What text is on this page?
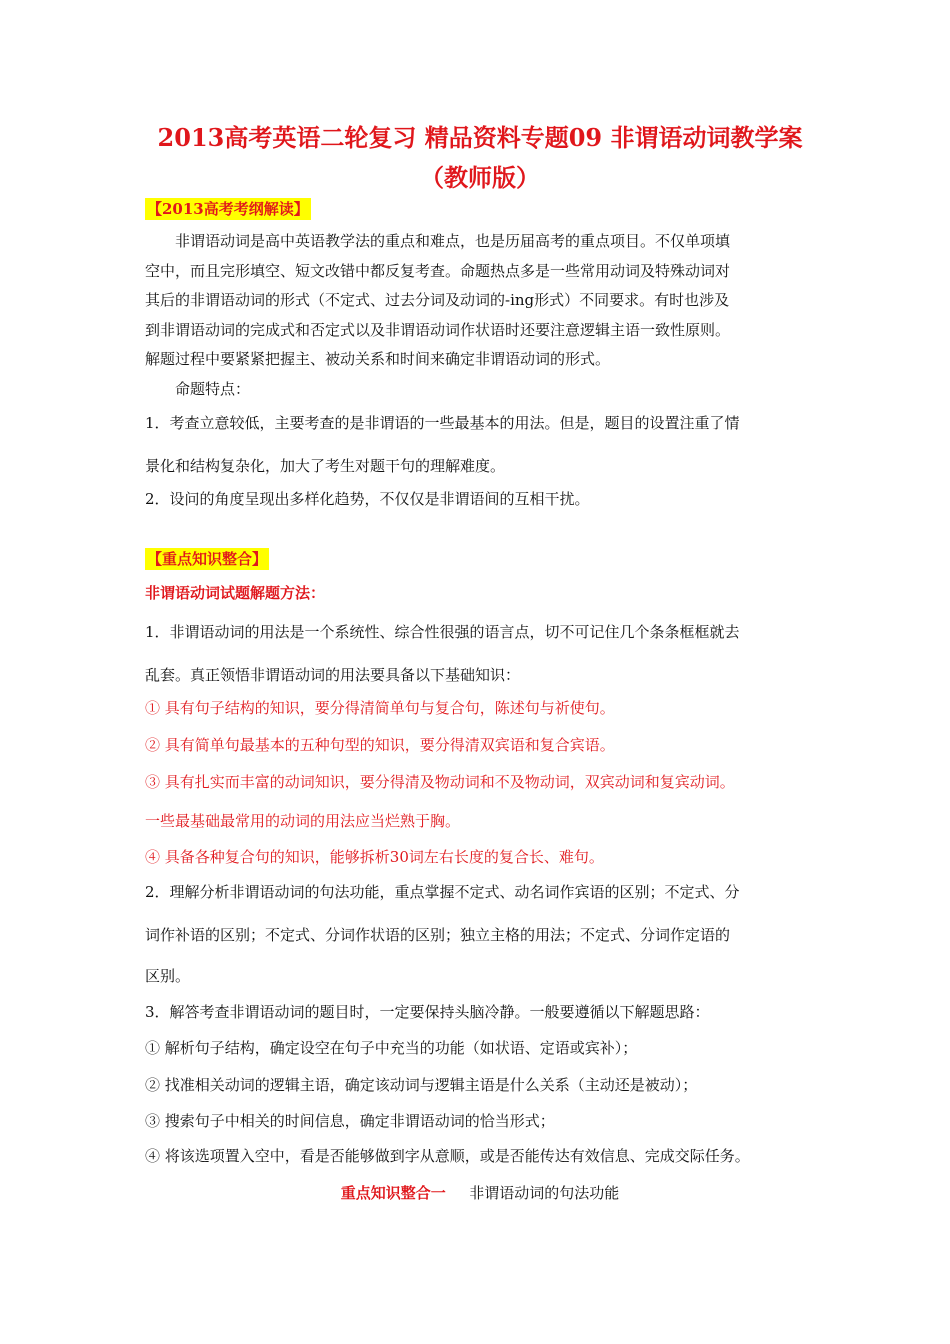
2013高考英语二轮复习 精品资料专题09 非谓语动词教学案（教师版）

【2013高考考纲解读】

非谓语动词是高中英语教学法的重点和难点，也是历届高考的重点项目。不仅单项填

空中，而且完形填空、短文改错中都反复考查。命题热点多是一些常用动词及特殊动词对

其后的非谓语动词的形式（不定式、过去分词及动词的-ing形式）不同要求。有时也涉及

到非谓语动词的完成式和否定式以及非谓语动词作状语时还要注意逻辑主语一致性原则。

解题过程中要紧紧把握主、被动关系和时间来确定非谓语动词的形式。

命题特点：

1．考查立意较低，主要考查的是非谓语的一些最基本的用法。但是，题目的设置注重了情

景化和结构复杂化，加大了考生对题干句的理解难度。

2．设问的角度呈现出多样化趋势，不仅仅是非谓语间的互相干扰。

【重点知识整合】

非谓语动词试题解题方法：

1．非谓语动词的用法是一个系统性、综合性很强的语言点，切不可记住几个条条框框就去

乱套。真正领悟非谓语动词的用法要具备以下基础知识：

① 具有句子结构的知识，要分得清简单句与复合句，陈述句与祈使句。

② 具有简单句最基本的五种句型的知识，要分得清双宾语和复合宾语。

③ 具有扎实而丰富的动词知识，要分得清及物动词和不及物动词，双宾动词和复宾动词。

一些最基础最常用的动词的用法应当烂熟于胸。

④ 具备各种复合句的知识，能够拆析30词左右长度的复合长、难句。

2．理解分析非谓语动词的句法功能，重点掌握不定式、动名词作宾语的区别；不定式、分

词作补语的区别；不定式、分词作状语的区别；独立主格的用法；不定式、分词作定语的

区别。

3．解答考查非谓语动词的题目时，一定要保持头脑冷静。一般要遵循以下解题思路：

① 解析句子结构，确定设空在句子中充当的功能（如状语、定语或宾补）；

② 找准相关动词的逻辑主语，确定该动词与逻辑主语是什么关系（主动还是被动）；

③ 搜索句子中相关的时间信息，确定非谓语动词的恰当形式；

④ 将该选项置入空中，看是否能够做到字从意顺，或是否能传达有效信息、完成交际任务。

重点知识整合一 非谓语动词的句法功能
